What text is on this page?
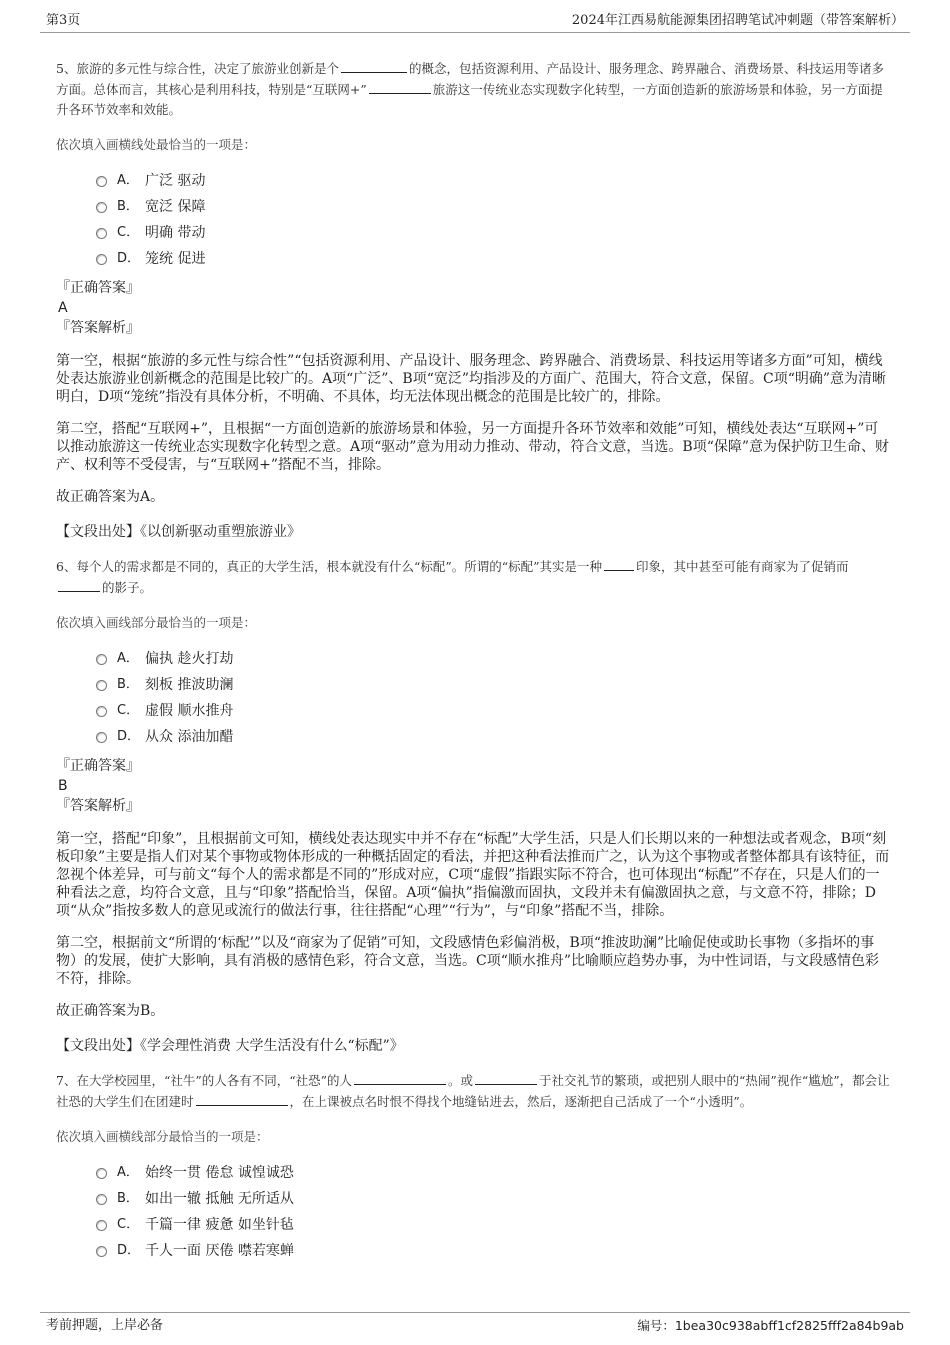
第3页	2024年江西易航能源集团招聘笔试冲刺题（带答案解析）

5、旅游的多元性与综合性，决定了旅游业创新是个	的概念，包括资源利用、产品设计、服务理念、跨界融合、消费场景、科技运用等诸多方面。总体而言，其核心是利用科技，特别是“互联网+”	旅游这一传统业态实现数字化转型，一方面创造新的旅游场景和体验，另一方面提升各环节效率和效能。

依次填入画横线处最恰当的一项是：

A． 广泛 驱动
B． 宽泛 保障
C． 明确 带动
D． 笼统 促进

『正确答案』

A

『答案解析』

第一空，根据“旅游的多元性与综合性”“包括资源利用、产品设计、服务理念、跨界融合、消费场景、科技运用等诸多方面”可知，横线处表达旅游业创新概念的范围是比较广的。A项“广泛”、B项“宽泛”均指涉及的方面广、范围大，符合文意，保留。C项“明确”意为清晰明白，D项“笼统”指没有具体分析，不明确、不具体，均无法体现出概念的范围是比较广的，排除。

第二空，搭配“互联网+”，且根据“一方面创造新的旅游场景和体验，另一方面提升各环节效率和效能”可知，横线处表达“互联网+”可以推动旅游这一传统业态实现数字化转型之意。A项“驱动”意为用动力推动、带动，符合文意，当选。B项“保障”意为保护防卫生命、财产、权利等不受侵害，与“互联网+”搭配不当，排除。

故正确答案为A。

【文段出处】《以创新驱动重塑旅游业》

6、每个人的需求都是不同的，真正的大学生活，根本就没有什么“标配”。所谓的“标配”其实是一种	印象，其中甚至可能有商家为了促销而的影子。

依次填入画线部分最恰当的一项是：

A． 偏执 趁火打劫
B． 刻板 推波助澜
C． 虚假 顺水推舟
D． 从众 添油加醋

『正确答案』

B

『答案解析』

第一空，搭配“印象”，且根据前文可知，横线处表达现实中并不存在“标配”大学生活，只是人们长期以来的一种想法或者观念，B项“刻板印象”主要是指人们对某个事物或物体形成的一种概括固定的看法，并把这种看法推而广之，认为这个事物或者整体都具有该特征，而忽视个体差异，可与前文“每个人的需求都是不同的”形成对应，C项“虚假”指跟实际不符合，也可体现出“标配”不存在，只是人们的一种看法之意，均符合文意，且与“印象”搭配恰当，保留。A项“偏执”指偏激而固执，文段并未有偏激固执之意，与文意不符，排除；D项“从众”指按多数人的意见或流行的做法行事，往往搭配“心理”“行为”，与“印象”搭配不当，排除。

第二空，根据前文“所谓的‘标配’”以及“商家为了促销”可知，文段感情色彩偏消极，B项“推波助澜”比喻促使或助长事物（多指坏的事物）的发展，使扩大影响，具有消极的感情色彩，符合文意，当选。C项“顺水推舟”比喻顺应趋势办事，为中性词语，与文段感情色彩不符，排除。

故正确答案为B。

【文段出处】《学会理性消费 大学生活没有什么“标配”》

7、在大学校园里，“社牛”的人各有不同，“社恐”的人	。或	于社交礼节的繁琐，或把别人眼中的“热闹”视作“尴尬”，都会让社恐的大学生们在团建时	，在上课被点名时恨不得找个地缝钻进去，然后，逐渐把自己活成了一个“小透明”。

依次填入画横线部分最恰当的一项是：

A． 始终一贯 倦怠 诚惶诚恐
B． 如出一辙 抵触 无所适从
C． 千篇一律 疲惫 如坐针毡
D． 千人一面 厌倦 噤若寒蝉
考前押题，上岸必备	编号：1bea30c938abff1cf2825fff2a84b9ab
